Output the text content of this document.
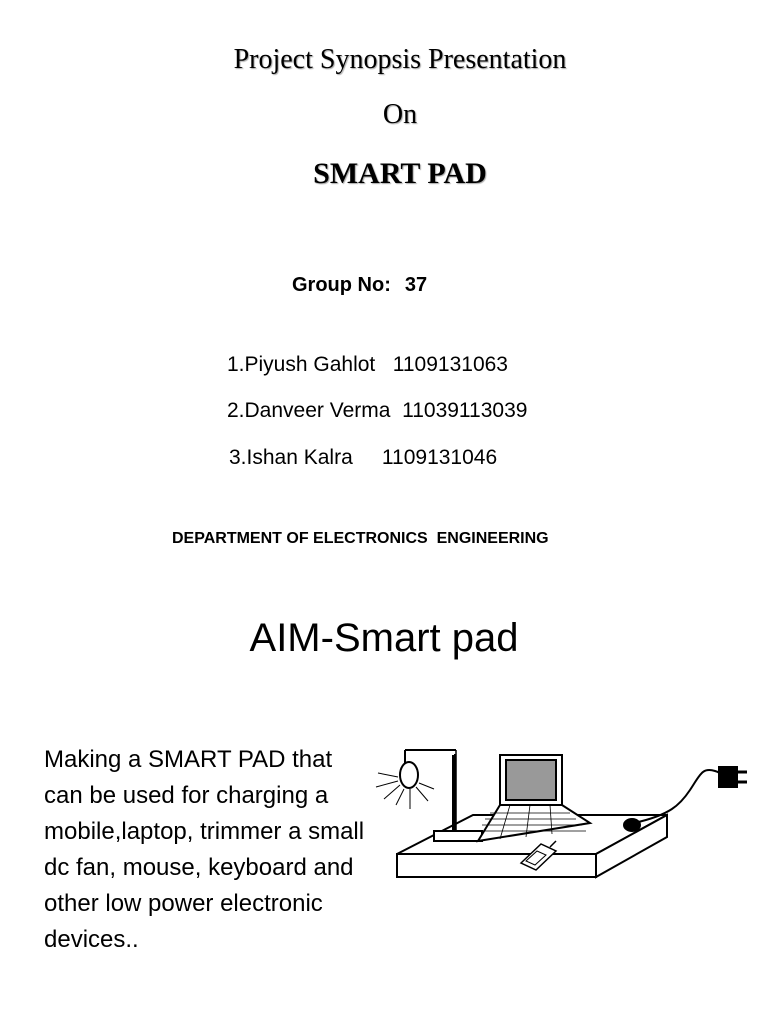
Project Synopsis Presentation
On
SMART PAD
Group No: 37
1.Piyush Gahlot   1109131063
2.Danveer Verma  11039113039
3.Ishan Kalra     1109131046
DEPARTMENT OF ELECTRONICS  ENGINEERING
AIM-Smart pad

Making a SMART PAD that can be used for charging a mobile,laptop, trimmer a small dc fan, mouse, keyboard and other low power electronic devices..
